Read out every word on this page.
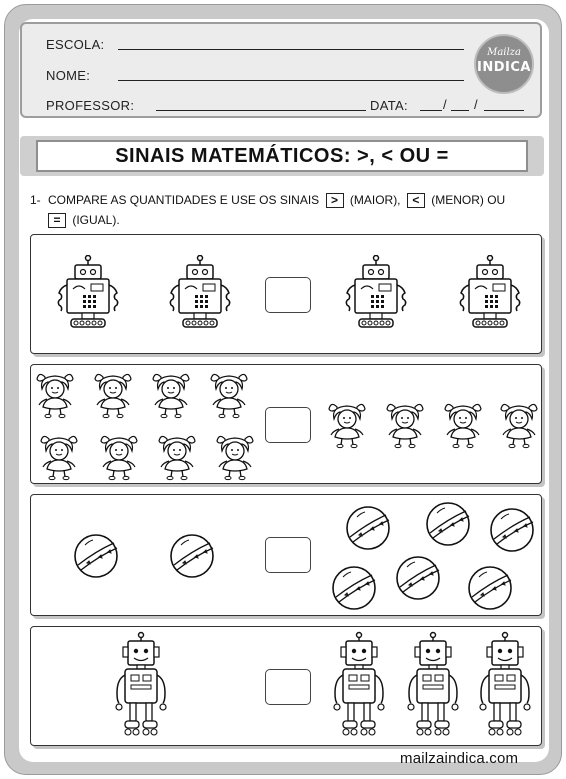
ESCOLA:
NOME:
PROFESSOR:	DATA:	/ /
Mailza
INDICA
SINAIS MATEMÁTICOS: >, < OU =
1- COMPARE AS QUANTIDADES E USE OS SINAIS > (MAIOR), < (MENOR) OU
= (IGUAL).
mailzaindica.com
